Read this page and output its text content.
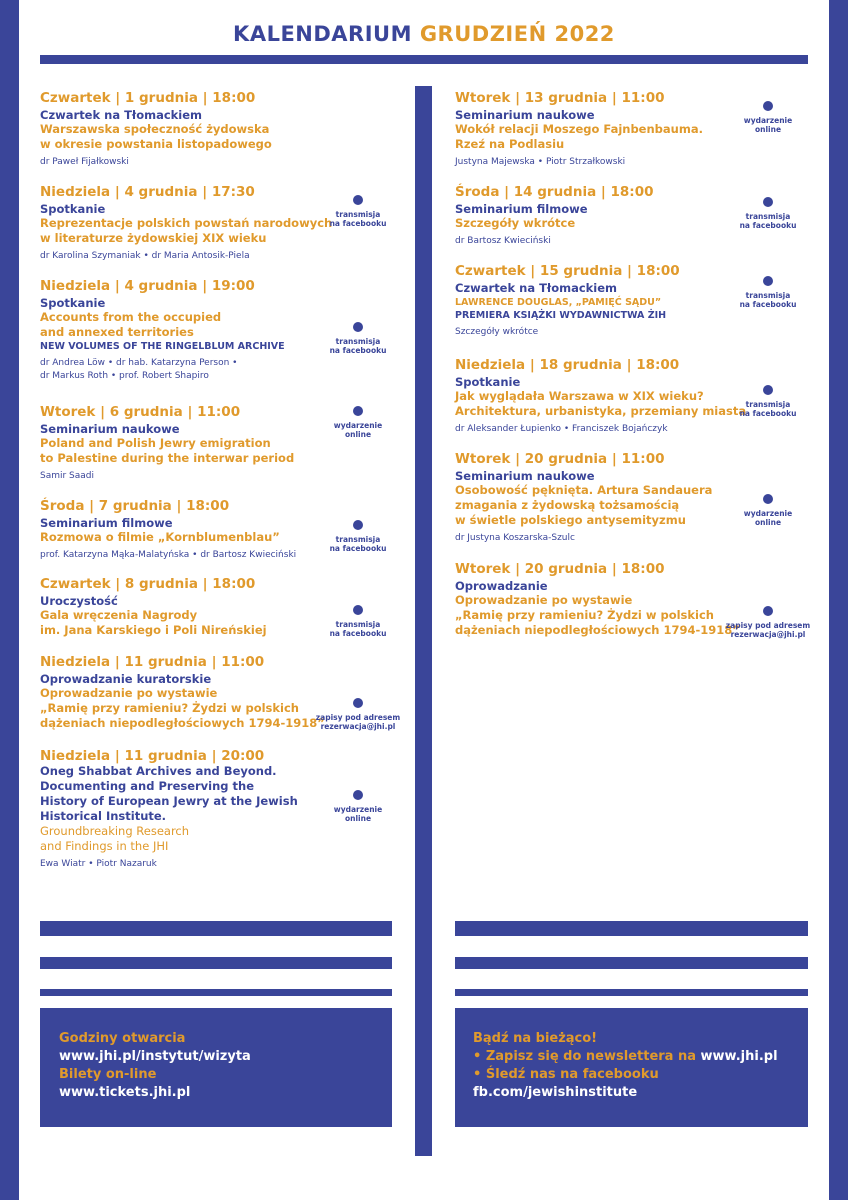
KALENDARIUM GRUDZIEŃ 2022
Czwartek | 1 grudnia | 18:00
Czwartek na Tłomackiem
Warszawska społeczność żydowska
w okresie powstania listopadowego
dr Paweł Fijałkowski
Niedziela | 4 grudnia | 17:30
Spotkanie
Reprezentacje polskich powstań narodowych
w literaturze żydowskiej XIX wieku
dr Karolina Szymaniak • dr Maria Antosik-Piela
transmisja
na facebooku
Niedziela | 4 grudnia | 19:00
Spotkanie
Accounts from the occupied
and annexed territories
NEW VOLUMES OF THE RINGELBLUM ARCHIVE
dr Andrea Löw • dr hab. Katarzyna Person •
dr Markus Roth • prof. Robert Shapiro
transmisja
na facebooku
Wtorek | 6 grudnia | 11:00
Seminarium naukowe
Poland and Polish Jewry emigration
to Palestine during the interwar period
Samir Saadi
wydarzenie
online
Środa | 7 grudnia | 18:00
Seminarium filmowe
Rozmowa o filmie „Kornblumenblau”
prof. Katarzyna Mąka-Malatyńska • dr Bartosz Kwieciński
transmisja
na facebooku
Czwartek | 8 grudnia | 18:00
Uroczystość
Gala wręczenia Nagrody
im. Jana Karskiego i Poli Nireńskiej	transmisja
na facebooku
Niedziela | 11 grudnia | 11:00
Oprowadzanie kuratorskie
Oprowadzanie po wystawie
„Ramię przy ramieniu? Żydzi w polskich
dążeniach niepodległościowych 1794-1918”
zapisy pod adresem
rezerwacja@jhi.pl
Niedziela | 11 grudnia | 20:00
Oneg Shabbat Archives and Beyond.
Documenting and Preserving the
History of European Jewry at the Jewish
Historical Institute.
Groundbreaking Research
and Findings in the JHI
Ewa Wiatr • Piotr Nazaruk
wydarzenie
online
Wtorek | 13 grudnia | 11:00
Seminarium naukowe
Wokół relacji Moszego Fajnbenbauma.
Rzeź na Podlasiu
Justyna Majewska • Piotr Strzałkowski
wydarzenie
online
Środa | 14 grudnia | 18:00
Seminarium filmowe
Szczegóły wkrótce
dr Bartosz Kwieciński
transmisja
na facebooku
Czwartek | 15 grudnia | 18:00
Czwartek na Tłomackiem
LAWRENCE DOUGLAS, „PAMIĘĆ SĄDU”
PREMIERA KSIĄŻKI WYDAWNICTWA ŻIH
Szczegóły wkrótce
transmisja
na facebooku
Niedziela | 18 grudnia | 18:00
Spotkanie
Jak wyglądała Warszawa w XIX wieku?
Architektura, urbanistyka, przemiany miasta
dr Aleksander Łupienko • Franciszek Bojańczyk
transmisja
na facebooku
Wtorek | 20 grudnia | 11:00
Seminarium naukowe
Osobowość pęknięta. Artura Sandauera
zmagania z żydowską tożsamością
w świetle polskiego antysemityzmu
dr Justyna Koszarska-Szulc
wydarzenie
online
Wtorek | 20 grudnia | 18:00
Oprowadzanie
Oprowadzanie po wystawie
„Ramię przy ramieniu? Żydzi w polskich
dążeniach niepodległościowych 1794-1918”
zapisy pod adresem
rezerwacja@jhi.pl
Godziny otwarcia
www.jhi.pl/instytut/wizyta
Bilety on-line
www.tickets.jhi.pl
Bądź na bieżąco!
• Zapisz się do newslettera na www.jhi.pl
• Śledź nas na facebooku
fb.com/jewishinstitute
